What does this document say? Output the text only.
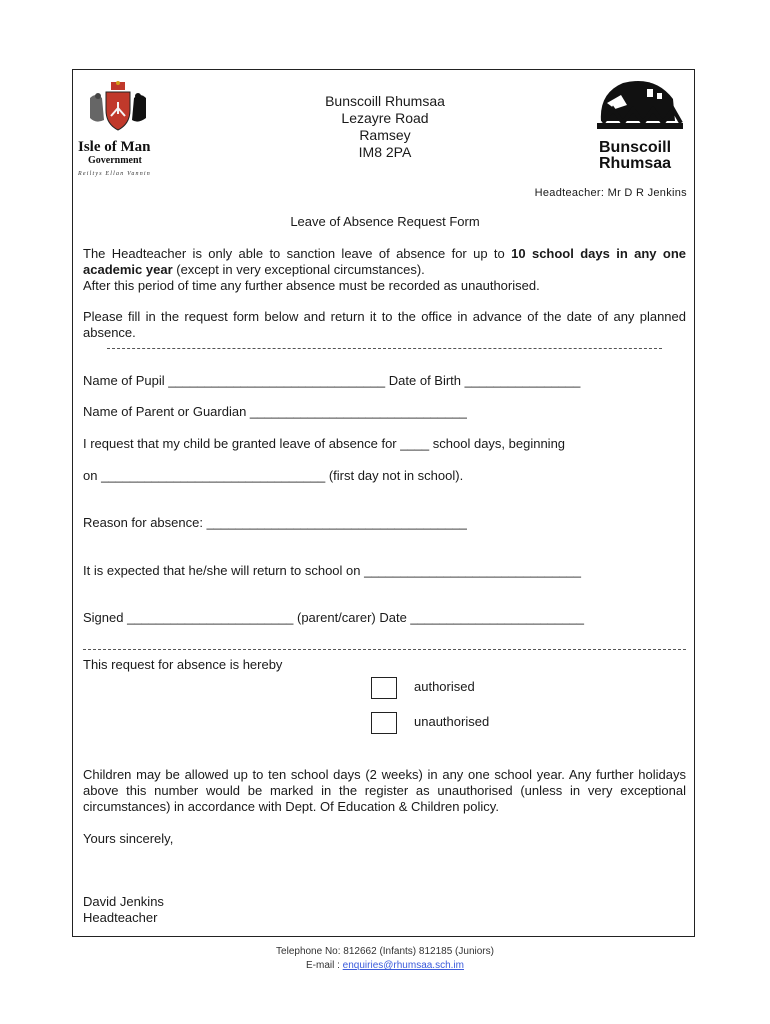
Isle of Man
Government
Reiltys Ellan Vannin
Bunscoill Rhumsaa
Lezayre Road
Ramsey
IM8 2PA	Bunscoill
Rhumsaa
Headteacher: Mr D R Jenkins
Leave of Absence Request Form
The Headteacher is only able to sanction leave of absence for up to 10 school days in any one academic year (except in very exceptional circumstances).
After this period of time any further absence must be recorded as unauthorised.
Please fill in the request form below and return it to the office in advance of the date of any planned absence.
Name of Pupil ______________________________ Date of Birth ________________
Name of Parent or Guardian ______________________________
I request that my child be granted leave of absence for ____ school days, beginning
on _______________________________ (first day not in school).
Reason for absence: ____________________________________
It is expected that he/she will return to school on ______________________________
Signed _______________________ (parent/carer) Date ________________________
This request for absence is hereby
authorised
unauthorised
Children may be allowed up to ten school days (2 weeks) in any one school year. Any further holidays above this number would be marked in the register as unauthorised (unless in very exceptional circumstances) in accordance with Dept. Of Education & Children policy.
Yours sincerely,
David Jenkins
Headteacher
Telephone No: 812662 (Infants) 812185 (Juniors)
E-mail : enquiries@rhumsaa.sch.im
